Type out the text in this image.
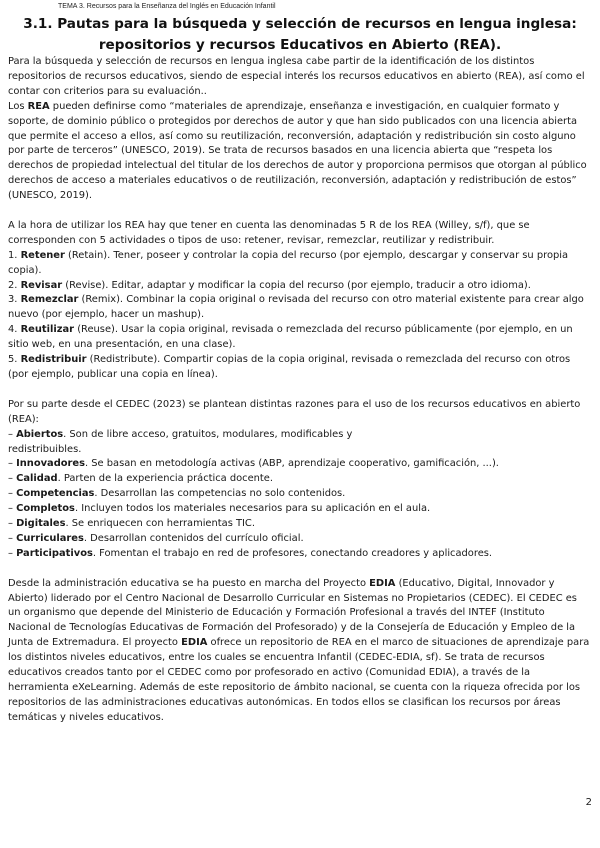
TEMA 3. Recursos para la Enseñanza del Inglés en Educación Infantil
3.1. Pautas para la búsqueda y selección de recursos en lengua inglesa:
repositorios y recursos Educativos en Abierto (REA).

Para la búsqueda y selección de recursos en lengua inglesa cabe partir de la identificación de los distintos repositorios de recursos educativos, siendo de especial interés los recursos educativos en abierto (REA), así como el contar con criterios para su evaluación..

Los REA pueden definirse como “materiales de aprendizaje, enseñanza e investigación, en cualquier formato y soporte, de dominio público o protegidos por derechos de autor y que han sido publicados con una licencia abierta que permite el acceso a ellos, así como su reutilización, reconversión, adaptación y redistribución sin costo alguno por parte de terceros” (UNESCO, 2019). Se trata de recursos basados en una licencia abierta que “respeta los derechos de propiedad intelectual del titular de los derechos de autor y proporciona permisos que otorgan al público derechos de acceso a materiales educativos o de reutilización, reconversión, adaptación y redistribución de estos” (UNESCO, 2019).

A la hora de utilizar los REA hay que tener en cuenta las denominadas 5 R de los REA (Willey, s/f), que se corresponden con 5 actividades o tipos de uso: retener, revisar, remezclar, reutilizar y redistribuir.

1. Retener (Retain). Tener, poseer y controlar la copia del recurso (por ejemplo, descargar y conservar su propia copia).

2. Revisar (Revise). Editar, adaptar y modificar la copia del recurso (por ejemplo, traducir a otro idioma).

3. Remezclar (Remix). Combinar la copia original o revisada del recurso con otro material existente para crear algo nuevo (por ejemplo, hacer un mashup).

4. Reutilizar (Reuse). Usar la copia original, revisada o remezclada del recurso públicamente (por ejemplo, en un sitio web, en una presentación, en una clase).

5. Redistribuir (Redistribute). Compartir copias de la copia original, revisada o remezclada del recurso con otros (por ejemplo, publicar una copia en línea).

Por su parte desde el CEDEC (2023) se plantean distintas razones para el uso de los recursos educativos en abierto (REA):

– Abiertos. Son de libre acceso, gratuitos, modulares, modificables y
redistribuibles.

– Innovadores. Se basan en metodología activas (ABP, aprendizaje cooperativo, gamificación, ...).

– Calidad. Parten de la experiencia práctica docente.

– Competencias. Desarrollan las competencias no solo contenidos.

– Completos. Incluyen todos los materiales necesarios para su aplicación en el aula.

– Digitales. Se enriquecen con herramientas TIC.

– Curriculares. Desarrollan contenidos del currículo oficial.

– Participativos. Fomentan el trabajo en red de profesores, conectando creadores y aplicadores.

Desde la administración educativa se ha puesto en marcha del Proyecto EDIA (Educativo, Digital, Innovador y Abierto) liderado por el Centro Nacional de Desarrollo Curricular en Sistemas no Propietarios (CEDEC). El CEDEC es un organismo que depende del Ministerio de Educación y Formación Profesional a través del INTEF (Instituto Nacional de Tecnologías Educativas de Formación del Profesorado) y de la Consejería de Educación y Empleo de la Junta de Extremadura. El proyecto EDIA ofrece un repositorio de REA en el marco de situaciones de aprendizaje para los distintos niveles educativos, entre los cuales se encuentra Infantil (CEDEC-EDIA, sf). Se trata de recursos educativos creados tanto por el CEDEC como por profesorado en activo (Comunidad EDIA), a través de la herramienta eXeLearning. Además de este repositorio de ámbito nacional, se cuenta con la riqueza ofrecida por los repositorios de las administraciones educativas autonómicas. En todos ellos se clasifican los recursos por áreas temáticas y niveles educativos.

2
